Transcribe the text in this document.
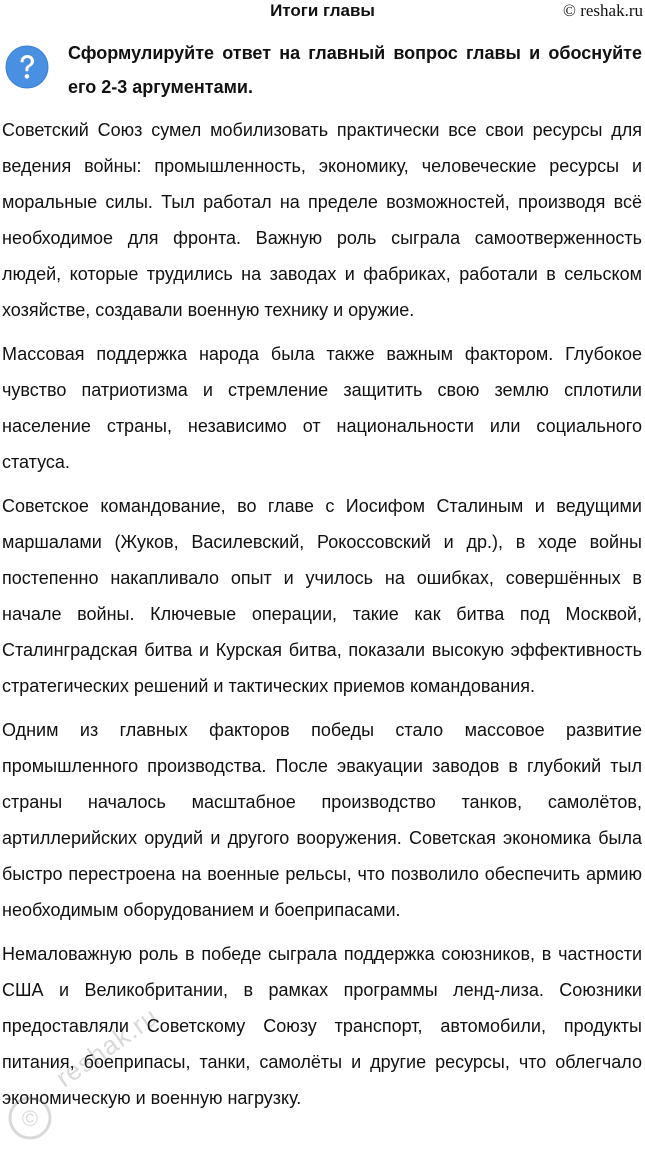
Итоги главы	© reshak.ru
Сформулируйте ответ на главный вопрос главы и обоснуйте его 2-3 аргументами.

Советский Союз сумел мобилизовать практически все свои ресурсы для ведения войны: промышленность, экономику, человеческие ресурсы и моральные силы. Тыл работал на пределе возможностей, производя всё необходимое для фронта. Важную роль сыграла самоотверженность людей, которые трудились на заводах и фабриках, работали в сельском хозяйстве, создавали военную технику и оружие.

Массовая поддержка народа была также важным фактором. Глубокое чувство патриотизма и стремление защитить свою землю сплотили население страны, независимо от национальности или социального статуса.

Советское командование, во главе с Иосифом Сталиным и ведущими маршалами (Жуков, Василевский, Рокоссовский и др.), в ходе войны постепенно накапливало опыт и училось на ошибках, совершённых в начале войны. Ключевые операции, такие как битва под Москвой, Сталинградская битва и Курская битва, показали высокую эффективность стратегических решений и тактических приемов командования.

Одним из главных факторов победы стало массовое развитие промышленного производства. После эвакуации заводов в глубокий тыл страны началось масштабное производство танков, самолётов, артиллерийских орудий и другого вооружения. Советская экономика была быстро перестроена на военные рельсы, что позволило обеспечить армию необходимым оборудованием и боеприпасами.

Немаловажную роль в победе сыграла поддержка союзников, в частности США и Великобритании, в рамках программы ленд-лиза. Союзники предоставляли Советскому Союзу транспорт, автомобили, продукты питания, боеприпасы, танки, самолёты и другие ресурсы, что облегчало экономическую и военную нагрузку.

©
reshak.ru
